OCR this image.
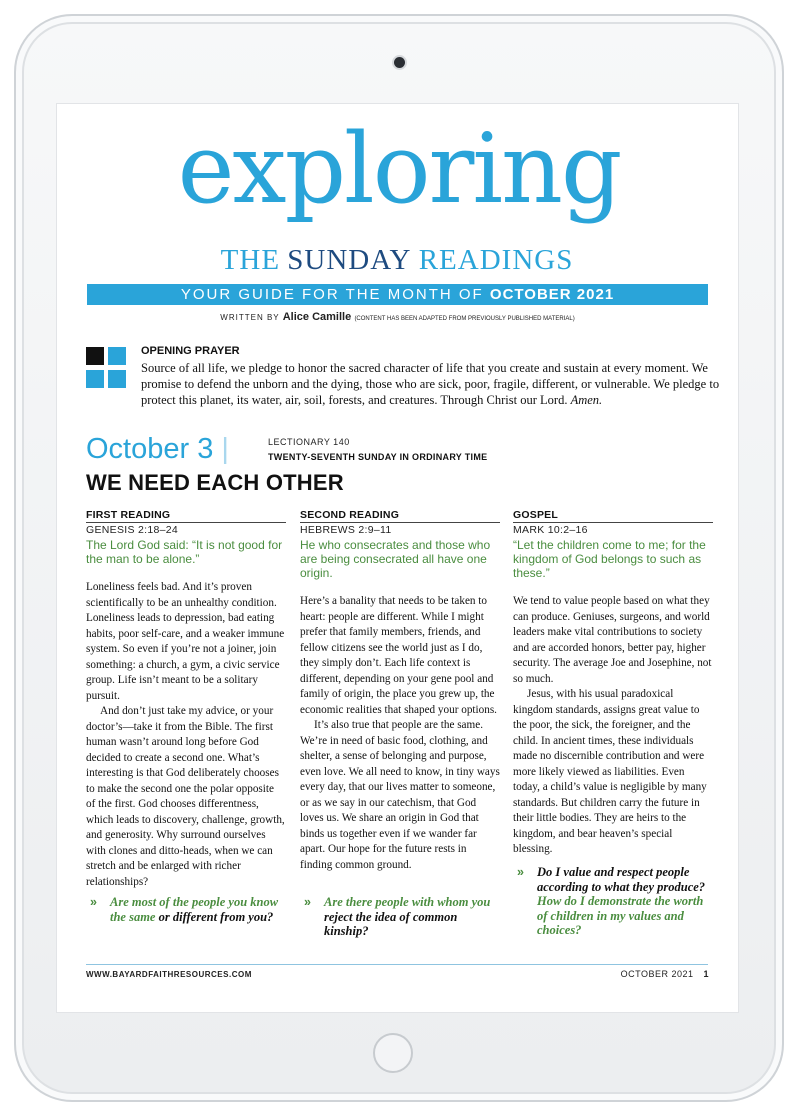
exploring
THE SUNDAY READINGS
YOUR GUIDE FOR THE MONTH OF OCTOBER 2021
WRITTEN BY Alice Camille (CONTENT HAS BEEN ADAPTED FROM PREVIOUSLY PUBLISHED MATERIAL)
OPENING PRAYER
Source of all life, we pledge to honor the sacred character of life that you create and sustain at every moment. We promise to defend the unborn and the dying, those who are sick, poor, fragile, different, or vulnerable. We pledge to protect this planet, its water, air, soil, forests, and creatures. Through Christ our Lord. Amen.
October 3 |	LECTIONARY 140
TWENTY-SEVENTH SUNDAY IN ORDINARY TIME
WE NEED EACH OTHER
FIRST READING
GENESIS 2:18–24
The Lord God said: “It is not good for the man to be alone.”

Loneliness feels bad. And it’s proven scientifically to be an unhealthy condition. Loneliness leads to depression, bad eating habits, poor self-care, and a weaker immune system. So even if you’re not a joiner, join something: a church, a gym, a civic service group. Life isn’t meant to be a solitary pursuit.

And don’t just take my advice, or your doctor’s—take it from the Bible. The first human wasn’t around long before God decided to create a second one. What’s interesting is that God deliberately chooses to make the second one the polar opposite of the first. God chooses differentness, which leads to discovery, challenge, growth, and generosity. Why surround ourselves with clones and ditto-heads, when we can stretch and be enlarged with richer relationships?

» Are most of the people you know the same or different from you?
SECOND READING
HEBREWS 2:9–11
He who consecrates and those who are being consecrated all have one origin.

Here’s a banality that needs to be taken to heart: people are different. While I might prefer that family members, friends, and fellow citizens see the world just as I do, they simply don’t. Each life context is different, depending on your gene pool and family of origin, the place you grew up, the economic realities that shaped your options.

It’s also true that people are the same. We’re in need of basic food, clothing, and shelter, a sense of belonging and purpose, even love. We all need to know, in tiny ways every day, that our lives matter to someone, or as we say in our catechism, that God loves us. We share an origin in God that binds us together even if we wander far apart. Our hope for the future rests in finding common ground.

» Are there people with whom you reject the idea of common kinship?
GOSPEL
MARK 10:2–16
“Let the children come to me; for the kingdom of God belongs to such as these.”

We tend to value people based on what they can produce. Geniuses, surgeons, and world leaders make vital contributions to society and are accorded honors, better pay, higher security. The average Joe and Josephine, not so much.

Jesus, with his usual paradoxical kingdom standards, assigns great value to the poor, the sick, the foreigner, and the child. In ancient times, these individuals made no discernible contribution and were more likely viewed as liabilities. Even today, a child’s value is negligible by many standards. But children carry the future in their little bodies. They are heirs to the kingdom, and bear heaven’s special blessing.

» Do I value and respect people according to what they produce? How do I demonstrate the worth of children in my values and choices?
WWW.BAYARDFAITHRESOURCES.COM	OCTOBER 2021 1
